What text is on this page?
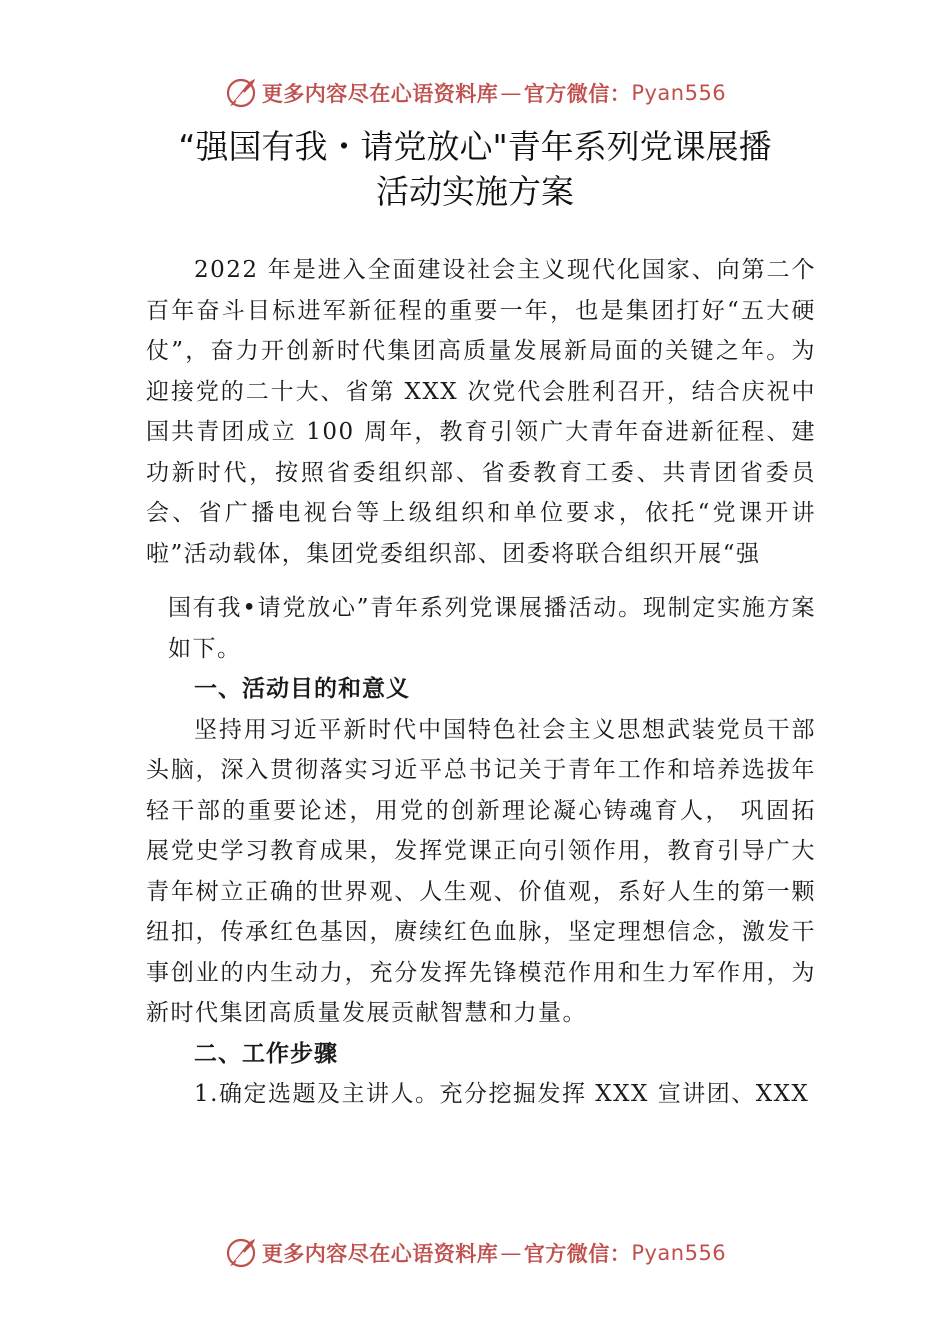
更多内容尽在心语资料库 — 官方微信： Pyan556
“强国有我・请党放心"青年系列党课展播
活动实施方案

2022 年是进入全面建设社会主义现代化国家、向第二个百年奋斗目标进军新征程的重要一年，也是集团打好“五大硬仗”，奋力开创新时代集团高质量发展新局面的关键之年。为迎接党的二十大、省第 XXX 次党代会胜利召开，结合庆祝中国共青团成立 100 周年，教育引领广大青年奋进新征程、建功新时代，按照省委组织部、省委教育工委、共青团省委员会、省广播电视台等上级组织和单位要求，依托“党课开讲啦”活动载体，集团党委组织部、团委将联合组织开展“强

国有我•请党放心”青年系列党课展播活动。现制定实施方案如下。

一、活动目的和意义

坚持用习近平新时代中国特色社会主义思想武装党员干部头脑，深入贯彻落实习近平总书记关于青年工作和培养选拔年轻干部的重要论述，用党的创新理论凝心铸魂育人， 巩固拓展党史学习教育成果，发挥党课正向引领作用，教育引导广大青年树立正确的世界观、人生观、价值观，系好人生的第一颗纽扣，传承红色基因，赓续红色血脉，坚定理想信念，激发干事创业的内生动力，充分发挥先锋模范作用和生力军作用，为新时代集团高质量发展贡献智慧和力量。

二、工作步骤

1.确定选题及主讲人。充分挖掘发挥 XXX 宣讲团、XXX

更多内容尽在心语资料库 — 官方微信： Pyan556
